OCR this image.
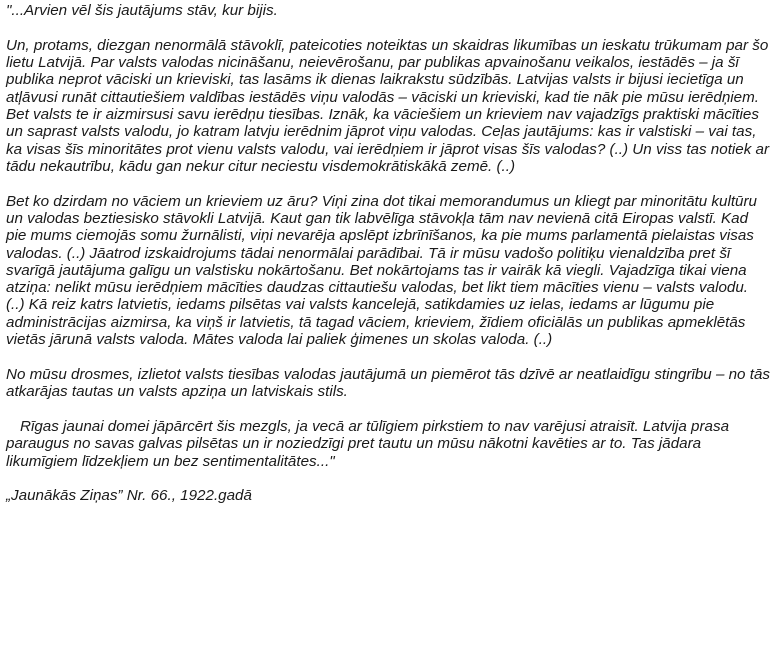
"...Arvien vēl šis jautājums stāv, kur bijis.

Un, protams, diezgan nenormālā stāvoklī, pateicoties noteiktas un skaidras likumības un ieskatu trūkumam par šo lietu Latvijā. Par valsts valodas nicināšanu, neievērošanu, par publikas apvainošanu veikalos, iestādēs – ja šī publika neprot vāciski un krieviski, tas lasāms ik dienas laikrakstu sūdzībās. Latvijas valsts ir bijusi iecietīga un atļāvusi runāt cittautiešiem valdības iestādēs viņu valodās – vāciski un krieviski, kad tie nāk pie mūsu ierēdņiem. Bet valsts te ir aizmirsusi savu ierēdņu tiesības. Iznāk, ka vāciešiem un krieviem nav vajadzīgs praktiski mācīties un saprast valsts valodu, jo katram latvju ierēdnim jāprot viņu valodas. Ceļas jautājums: kas ir valstiski – vai tas, ka visas šīs minoritātes prot vienu valsts valodu, vai ierēdņiem ir jāprot visas šīs valodas? (..) Un viss tas notiek ar tādu nekautrību, kādu gan nekur citur neciestu visdemokrātiskākā zemē. (..)

Bet ko dzirdam no vāciem un krieviem uz āru? Viņi zina dot tikai memorandumus un kliegt par minoritātu kultūru un valodas beztiesisko stāvokli Latvijā. Kaut gan tik labvēlīga stāvokļa tām nav nevienā citā Eiropas valstī. Kad pie mums ciemojās somu žurnālisti, viņi nevarēja apslēpt izbrīnīšanos, ka pie mums parlamentā pielaistas visas valodas. (..) Jāatrod izskaidrojums tādai nenormālai parādībai. Tā ir mūsu vadošo politiķu vienaldzība pret šī svarīgā jautājuma galīgu un valstisku nokārtošanu. Bet nokārtojams tas ir vairāk kā viegli. Vajadzīga tikai viena atziņa: nelikt mūsu ierēdņiem mācīties daudzas cittautiešu valodas, bet likt tiem mācīties vienu – valsts valodu. (..) Kā reiz katrs latvietis, iedams pilsētas vai valsts kancelejā, satikdamies uz ielas, iedams ar lūgumu pie administrācijas aizmirsa, ka viņš ir latvietis, tā tagad vāciem, krieviem, žīdiem oficiālās un publikas apmeklētās vietās jārunā valsts valoda. Mātes valoda lai paliek ģimenes un skolas valoda. (..)

No mūsu drosmes, izlietot valsts tiesības valodas jautājumā un piemērot tās dzīvē ar neatlaidīgu stingrību – no tās atkarājas tautas un valsts apziņa un latviskais stils.

Rīgas jaunai domei jāpārcērt šis mezgls, ja vecā ar tūlīgiem pirkstiem to nav varējusi atraisīt. Latvija prasa paraugus no savas galvas pilsētas un ir noziedzīgi pret tautu un mūsu nākotni kavēties ar to. Tas jādara likumīgiem līdzekļiem un bez sentimentalitātes..."

„Jaunākās Ziņas” Nr. 66., 1922.gadā
